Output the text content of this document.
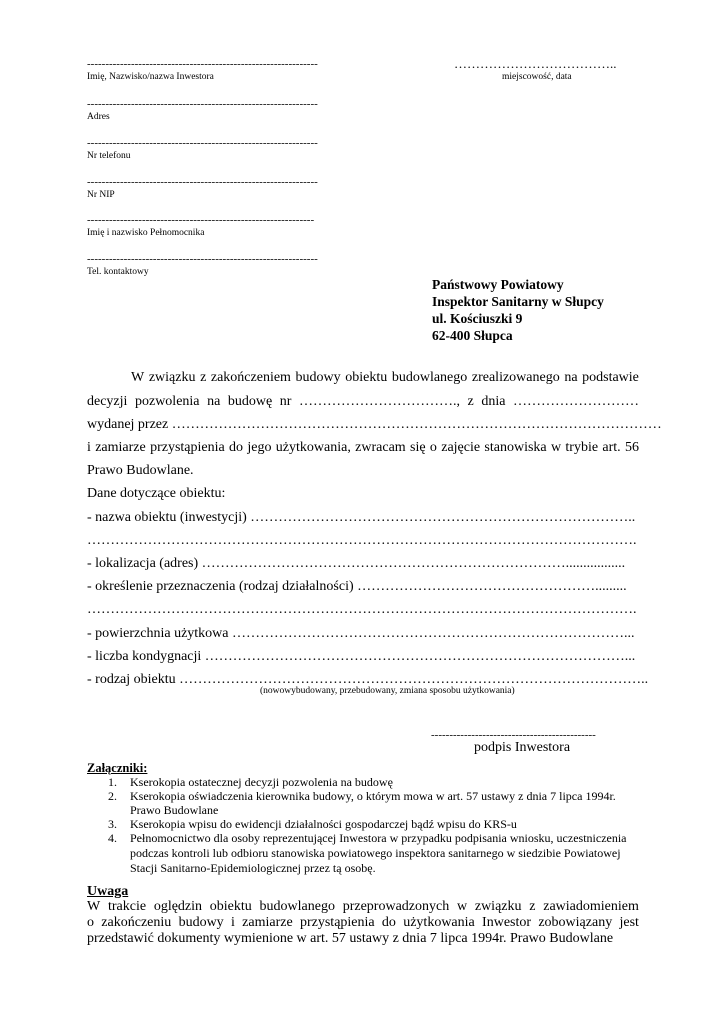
---------------------------------------------------------------
Imię, Nazwisko/nazwa Inwestora
………………………………..
miejscowość, data
---------------------------------------------------------------
Adres
---------------------------------------------------------------
Nr telefonu
---------------------------------------------------------------
Nr NIP
--------------------------------------------------------------
Imię i nazwisko Pełnomocnika
---------------------------------------------------------------
Tel. kontaktowy
Państwowy Powiatowy
Inspektor Sanitarny w Słupcy
ul. Kościuszki 9
62-400 Słupca
W związku z zakończeniem budowy obiektu budowlanego zrealizowanego na podstawie
decyzji pozwolenia na budowę nr ……………………………., z dnia ………………………
wydanej przez ……………………………………………………………………………………………
i zamiarze przystąpienia do jego użytkowania, zwracam się o zajęcie stanowiska w trybie art. 56
Prawo Budowlane.
Dane dotyczące obiektu:
- nazwa obiektu (inwestycji) ………………………………………………………………………..
……………………………………………………………………………………………………….
- lokalizacja (adres) …………………………………………………………………….................
- określenie przeznaczenia (rodzaj działalności) …………………………………………….........
……………………………………………………………………………………………………….
- powierzchnia użytkowa …………………………………………………………………………...
- liczba kondygnacji ………………………………………………………………………………...
- rodzaj obiektu ………………………………………………………………………………………..
(nowowybudowany, przebudowany, zmiana sposobu użytkowania)
---------------------------------------------
podpis Inwestora
Załączniki:
1. Kserokopia ostatecznej decyzji pozwolenia na budowę
2. Kserokopia oświadczenia kierownika budowy, o którym mowa w art. 57 ustawy z dnia 7 lipca 1994r.
Prawo Budowlane
3. Kserokopia wpisu do ewidencji działalności gospodarczej bądź wpisu do KRS-u
4. Pełnomocnictwo dla osoby reprezentującej Inwestora w przypadku podpisania wniosku, uczestniczenia
podczas kontroli lub odbioru stanowiska powiatowego inspektora sanitarnego w siedzibie Powiatowej
Stacji Sanitarno-Epidemiologicznej przez tą osobę.
Uwaga
W trakcie oględzin obiektu budowlanego przeprowadzonych w związku z zawiadomieniem
o zakończeniu budowy i zamiarze przystąpienia do użytkowania Inwestor zobowiązany jest
przedstawić dokumenty wymienione w art. 57 ustawy z dnia 7 lipca 1994r. Prawo Budowlane
